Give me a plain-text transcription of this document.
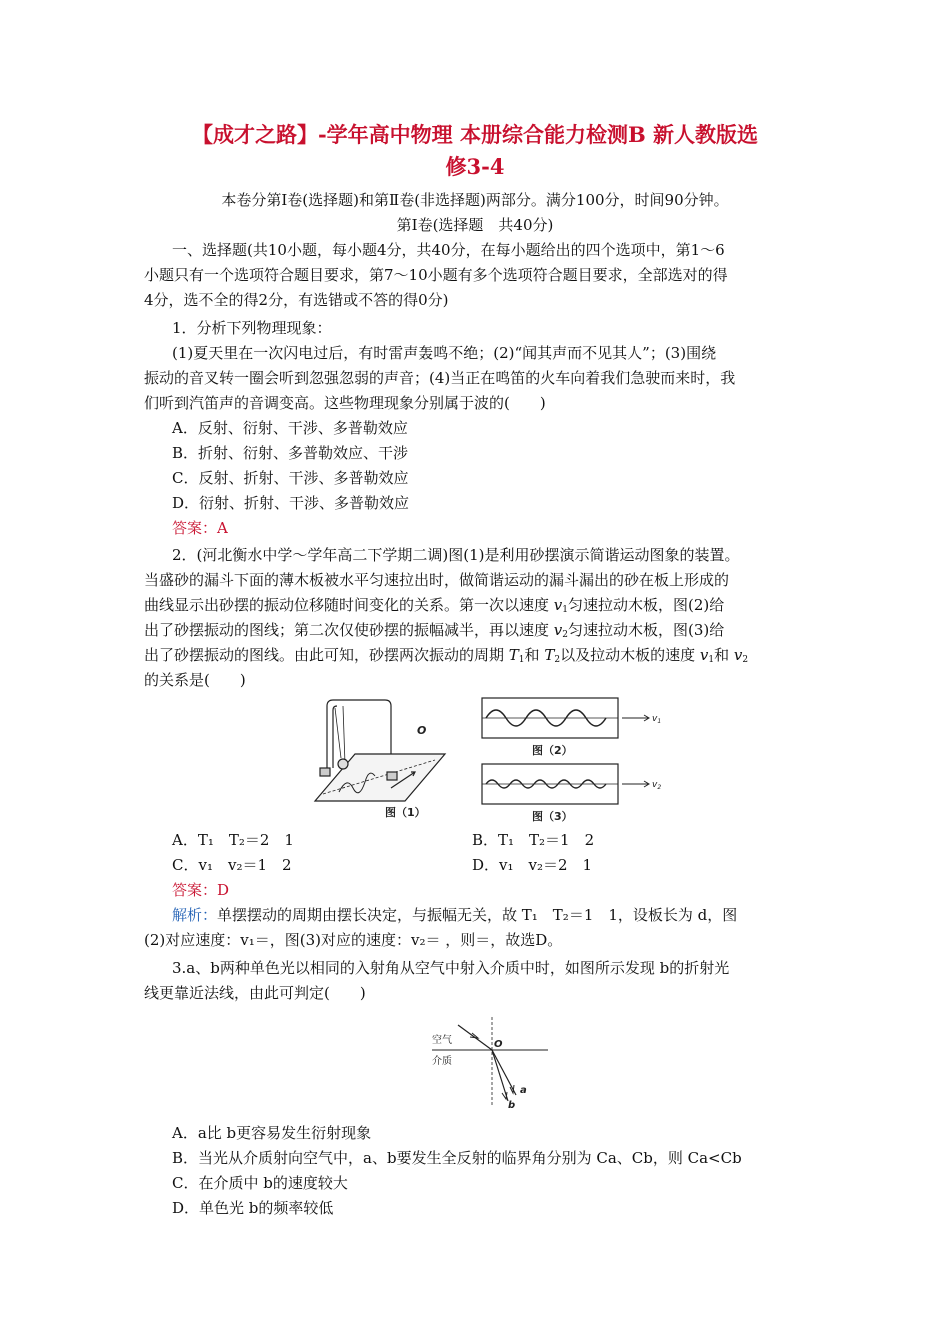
【成才之路】-学年高中物理 本册综合能力检测B 新人教版选
修3-4
本卷分第Ⅰ卷(选择题)和第Ⅱ卷(非选择题)两部分。满分100分，时间90分钟。
第Ⅰ卷(选择题　共40分)
一、选择题(共10小题，每小题4分，共40分，在每小题给出的四个选项中，第1～6
小题只有一个选项符合题目要求，第7～10小题有多个选项符合题目要求，全部选对的得
4分，选不全的得2分，有选错或不答的得0分)
1．分析下列物理现象：
(1)夏天里在一次闪电过后，有时雷声轰鸣不绝；(2)“闻其声而不见其人”；(3)围绕
振动的音叉转一圈会听到忽强忽弱的声音；(4)当正在鸣笛的火车向着我们急驶而来时，我
们听到汽笛声的音调变高。这些物理现象分别属于波的(　　)
A．反射、衍射、干涉、多普勒效应
B．折射、衍射、多普勒效应、干涉
C．反射、折射、干涉、多普勒效应
D．衍射、折射、干涉、多普勒效应
答案：A
2．(河北衡水中学～学年高二下学期二调)图(1)是利用砂摆演示简谐运动图象的装置。
当盛砂的漏斗下面的薄木板被水平匀速拉出时，做简谐运动的漏斗漏出的砂在板上形成的
曲线显示出砂摆的振动位移随时间变化的关系。第一次以速度 $v_1$匀速拉动木板，图(2)给
出了砂摆振动的图线；第二次仅使砂摆的振幅减半，再以速度 $v_2$匀速拉动木板，图(3)给
出了砂摆振动的图线。由此可知，砂摆两次振动的周期 $T_1$和 $T_2$以及拉动木板的速度 $v_1$和 $v_2$
的关系是(　　)
O
图（1）
$v_1$
图（2）
$v_2$
图（3）
A．T₁　T₂＝2　1	B．T₁　T₂＝1　2
C．v₁　v₂＝1　2	D．v₁　v₂＝2　1
答案：D
解析：单摆摆动的周期由摆长决定，与振幅无关，故 T₁　T₂＝1　1，设板长为 d，图
(2)对应速度：v₁＝，图(3)对应的速度：v₂＝ ，则＝，故选D。
3.a、b两种单色光以相同的入射角从空气中射入介质中时，如图所示发现 b的折射光
线更靠近法线，由此可判定(　　)
空气
介质
O
a
b
A．a比 b更容易发生衍射现象
B．当光从介质射向空气中，a、b要发生全反射的临界角分别为 Ca、Cb，则 Ca<Cb
C．在介质中 b的速度较大
D．单色光 b的频率较低
